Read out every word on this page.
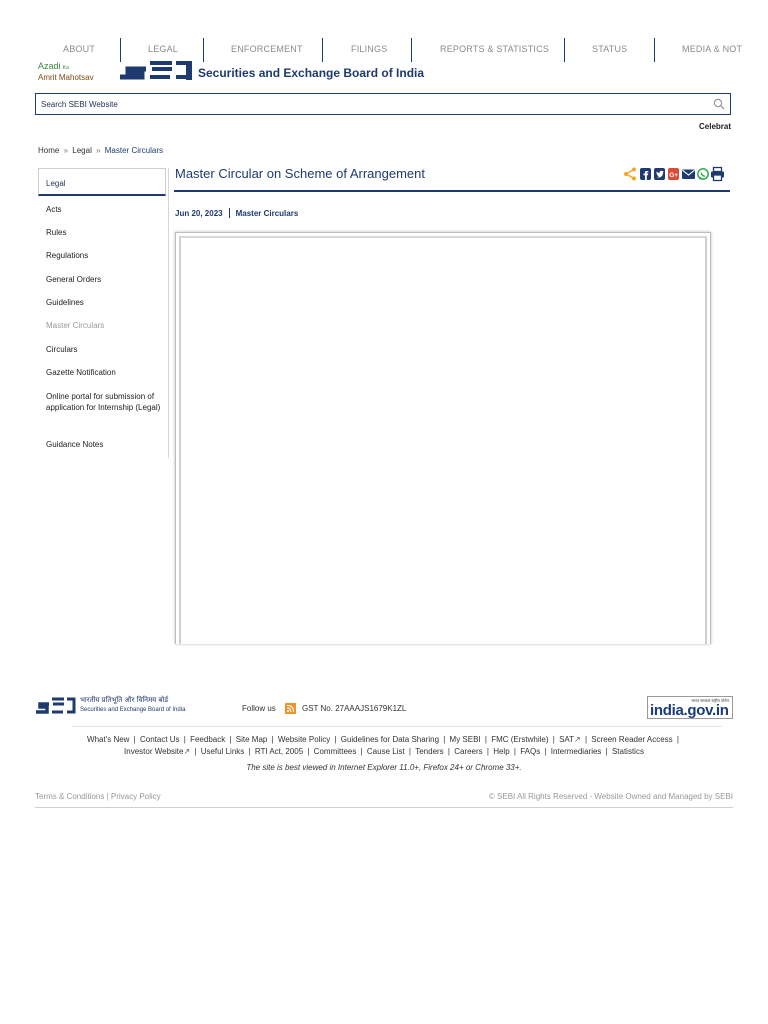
ABOUT	LEGAL	ENFORCEMENT	FILINGS	REPORTS & STATISTICS	STATUS	MEDIA & NOT
Azadi Ka
Amrit Mahotsav	Securities and Exchange Board of India
Search SEBI Website
Celebrat
Home » Legal » Master Circulars
Legal
Acts
Rules
Regulations
General Orders
Guidelines
Master Circulars
Circulars
Gazette Notification
Online portal for submission of application for Internship (Legal)
Guidance Notes
Master Circular on Scheme of Arrangement	G+
Jun 20, 2023 Master Circulars
भारतीय प्रतिभूति और विनिमय बोर्ड
Securities and Exchange Board of India	Follow us	GST No. 27AAAJS1679K1ZL
भारत सरकार राष्ट्रीय पोर्टल
india.gov.in
What's New | Contact Us | Feedback | Site Map | Website Policy | Guidelines for Data Sharing | My SEBI | FMC (Erstwhile) | SAT↗ | Screen Reader Access |
Investor Website↗ | Useful Links | RTI Act, 2005 | Committees | Cause List | Tenders | Careers | Help | FAQs | Intermediaries | Statistics
The site is best viewed in Internet Explorer 11.0+, Firefox 24+ or Chrome 33+.
Terms & Conditions | Privacy Policy	© SEBI All Rights Reserved - Website Owned and Managed by SEBI
